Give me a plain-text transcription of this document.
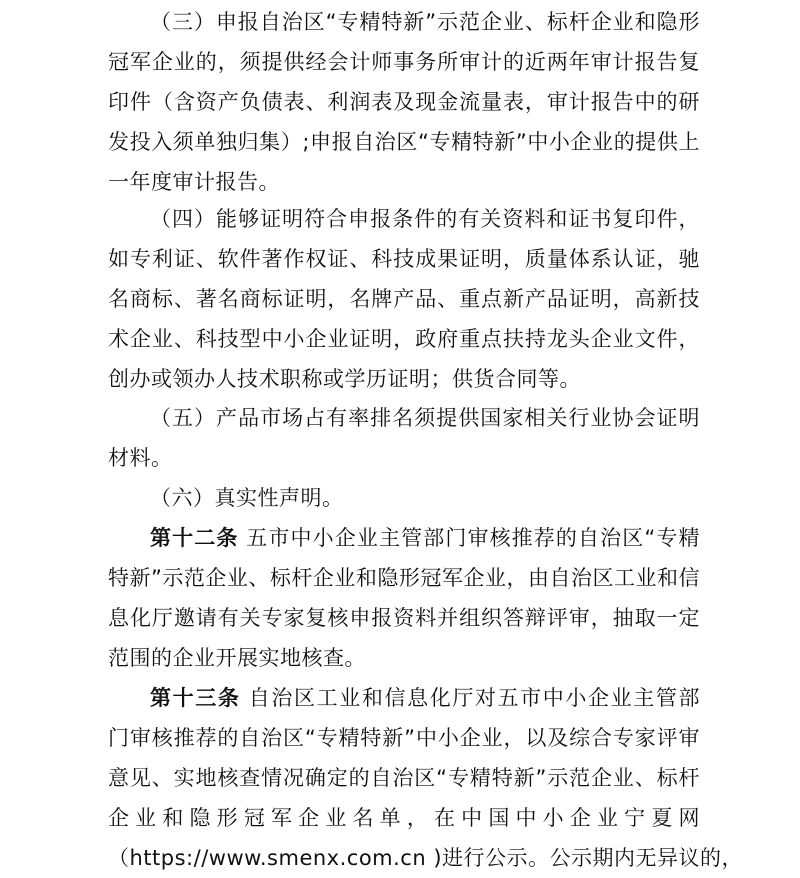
（三）申报自治区“专精特新”示范企业、标杆企业和隐形
冠军企业的，须提供经会计师事务所审计的近两年审计报告复
印件（含资产负债表、利润表及现金流量表，审计报告中的研
发投入须单独归集）;申报自治区“专精特新”中小企业的提供上
一年度审计报告。
（四）能够证明符合申报条件的有关资料和证书复印件，
如专利证、软件著作权证、科技成果证明，质量体系认证，驰
名商标、著名商标证明，名牌产品、重点新产品证明，高新技
术企业、科技型中小企业证明，政府重点扶持龙头企业文件，
创办或领办人技术职称或学历证明；供货合同等。
（五）产品市场占有率排名须提供国家相关行业协会证明
材料。
（六）真实性声明。
第十二条 五市中小企业主管部门审核推荐的自治区“专精
特新”示范企业、标杆企业和隐形冠军企业，由自治区工业和信
息化厅邀请有关专家复核申报资料并组织答辩评审，抽取一定
范围的企业开展实地核查。
第十三条 自治区工业和信息化厅对五市中小企业主管部
门审核推荐的自治区“专精特新”中小企业，以及综合专家评审
意见、实地核查情况确定的自治区“专精特新”示范企业、标杆
企业和隐形冠军企业名单，在中国中小企业宁夏网
（https://www.smenx.com.cn )进行公示。公示期内无异议的，
